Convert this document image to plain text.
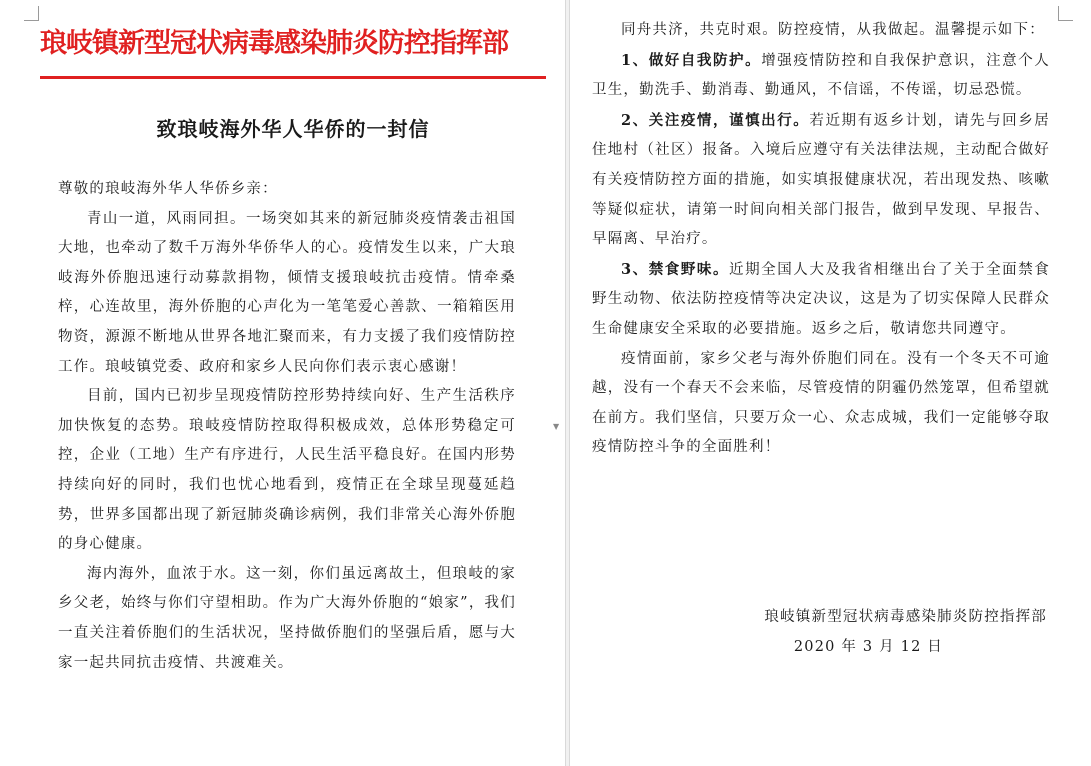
琅岐镇新型冠状病毒感染肺炎防控指挥部
致琅岐海外华人华侨的一封信

尊敬的琅岐海外华人华侨乡亲：

青山一道，风雨同担。一场突如其来的新冠肺炎疫情袭击祖国大地，也牵动了数千万海外华侨华人的心。疫情发生以来，广大琅岐海外侨胞迅速行动募款捐物，倾情支援琅岐抗击疫情。情牵桑梓，心连故里，海外侨胞的心声化为一笔笔爱心善款、一箱箱医用物资，源源不断地从世界各地汇聚而来，有力支援了我们疫情防控工作。琅岐镇党委、政府和家乡人民向你们表示衷心感谢！

目前，国内已初步呈现疫情防控形势持续向好、生产生活秩序加快恢复的态势。琅岐疫情防控取得积极成效，总体形势稳定可控，企业（工地）生产有序进行，人民生活平稳良好。在国内形势持续向好的同时，我们也忧心地看到，疫情正在全球呈现蔓延趋势，世界多国都出现了新冠肺炎确诊病例，我们非常关心海外侨胞的身心健康。

海内海外，血浓于水。这一刻，你们虽远离故土，但琅岐的家乡父老，始终与你们守望相助。作为广大海外侨胞的“娘家”，我们一直关注着侨胞们的生活状况，坚持做侨胞们的坚强后盾，愿与大家一起共同抗击疫情、共渡难关。

▼

同舟共济，共克时艰。防控疫情，从我做起。温馨提示如下：

1、做好自我防护。增强疫情防控和自我保护意识，注意个人卫生，勤洗手、勤消毒、勤通风，不信谣，不传谣，切忌恐慌。

2、关注疫情，谨慎出行。若近期有返乡计划，请先与回乡居住地村（社区）报备。入境后应遵守有关法律法规，主动配合做好有关疫情防控方面的措施，如实填报健康状况，若出现发热、咳嗽等疑似症状，请第一时间向相关部门报告，做到早发现、早报告、早隔离、早治疗。

3、禁食野味。近期全国人大及我省相继出台了关于全面禁食野生动物、依法防控疫情等决定决议，这是为了切实保障人民群众生命健康安全采取的必要措施。返乡之后，敬请您共同遵守。

疫情面前，家乡父老与海外侨胞们同在。没有一个冬天不可逾越，没有一个春天不会来临，尽管疫情的阴霾仍然笼罩，但希望就在前方。我们坚信，只要万众一心、众志成城，我们一定能够夺取疫情防控斗争的全面胜利！

琅岐镇新型冠状病毒感染肺炎防控指挥部
2020 年 3 月 12 日
